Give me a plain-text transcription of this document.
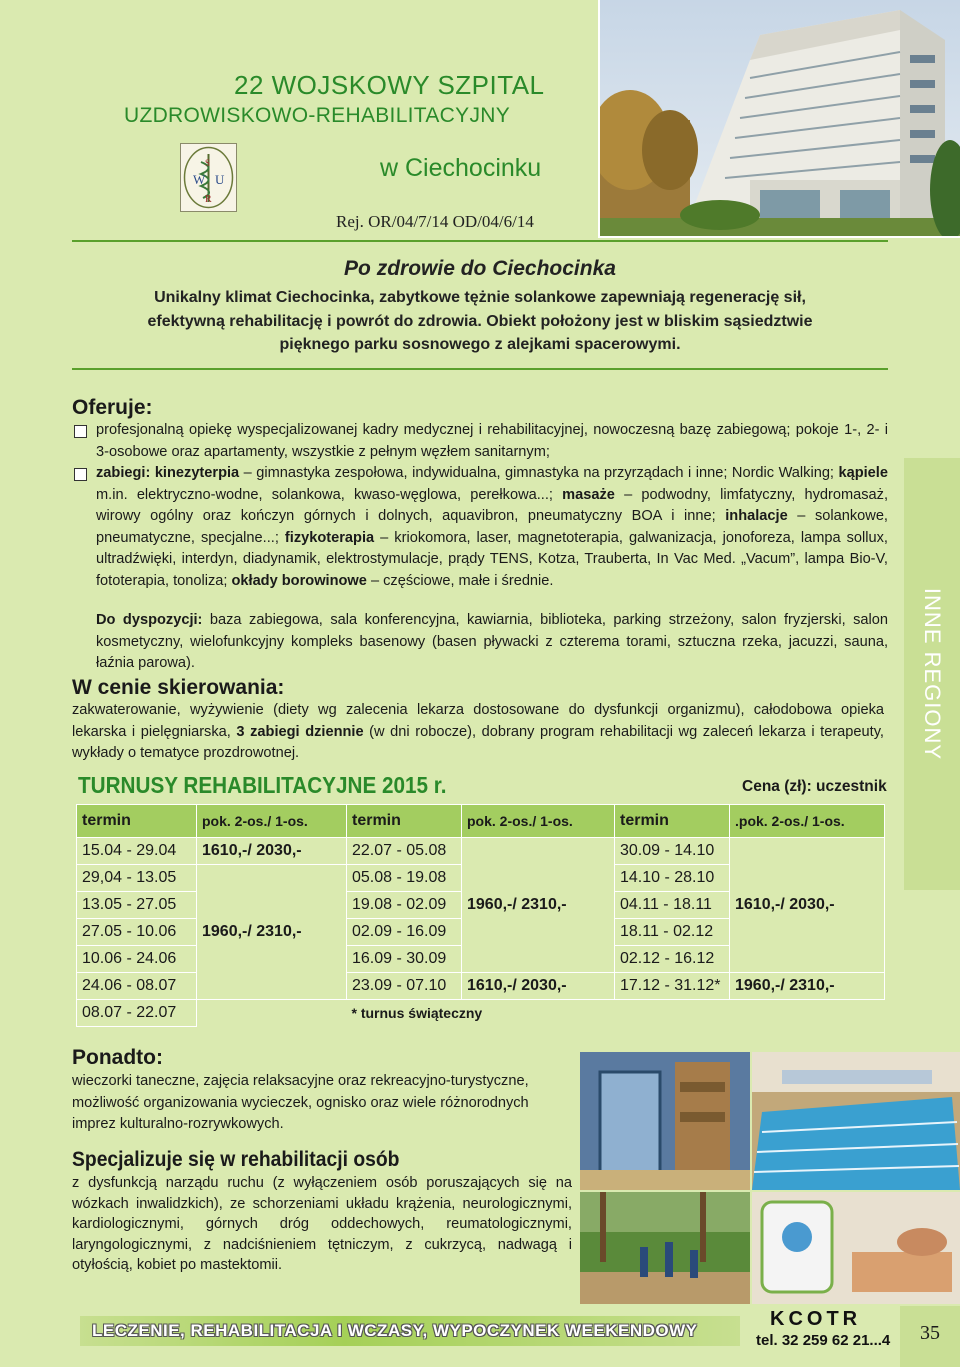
22 WOJSKOWY SZPITAL
UZDROWISKOWO-REHABILITACYJNY
W U
R
S	w Ciechocinku
Rej. OR/04/7/14 OD/04/6/14
Po zdrowie do Ciechocinka
Unikalny klimat Ciechocinka, zabytkowe tężnie solankowe zapewniają regenerację sił, efektywną rehabilitację i powrót do zdrowia. Obiekt położony jest w bliskim sąsiedztwie pięknego parku sosnowego z alejkami spacerowymi.
Oferuje:
profesjonalną opiekę wyspecjalizowanej kadry medycznej i rehabilitacyjnej, nowoczesną bazę zabiegową; pokoje 1-, 2- i 3-osobowe oraz apartamenty, wszystkie z pełnym węzłem sanitarnym;
zabiegi: kinezyterpia – gimnastyka zespołowa, indywidualna, gimnastyka na przyrządach i inne; Nordic Walking; kąpiele m.in. elektryczno-wodne, solankowa, kwaso-węglowa, perełkowa...; masaże – podwodny, limfatyczny, hydromasaż, wirowy ogólny oraz kończyn górnych i dolnych, aquavibron, pneumatyczny BOA i inne; inhalacje – solankowe, pneumatyczne, specjalne...; fizykoterapia – kriokomora, laser, magnetoterapia, galwanizacja, jonoforeza, lampa sollux, ultradźwięki, interdyn, diadynamik, elektrostymulacje, prądy TENS, Kotza, Trauberta, In Vac Med. „Vacum”, lampa Bio-V, fototerapia, tonoliza; okłady borowinowe – częściowe, małe i średnie.
Do dyspozycji: baza zabiegowa, sala konferencyjna, kawiarnia, biblioteka, parking strzeżony, salon fryzjerski, salon kosmetyczny, wielofunkcyjny kompleks basenowy (basen pływacki z czterema torami, sztuczna rzeka, jacuzzi, sauna, łaźnia parowa).
W cenie skierowania:
zakwaterowanie, wyżywienie (diety wg zalecenia lekarza dostosowane do dysfunkcji organizmu), całodobowa opieka lekarska i pielęgniarska, 3 zabiegi dziennie (w dni robocze), dobrany program rehabilitacji wg zaleceń lekarza i terapeuty, wykłady o tematyce prozdrowotnej.	INNE REGIONY
TURNUSY REHABILITACYJNE 2015 r.	Cena (zł): uczestnik
termin	pok. 2-os./ 1-os.	termin	pok. 2-os./ 1-os.	termin	.pok. 2-os./ 1-os.
15.04 - 29.04	1610,-/ 2030,-	22.07 - 05.08	1960,-/ 2310,-	30.09 - 14.10	1610,-/ 2030,-
29,04 - 13.05	1960,-/ 2310,-	05.08 - 19.08		14.10 - 28.10	
13.05 - 27.05		19.08 - 02.09		04.11 - 18.11	
27.05 - 10.06		02.09 - 16.09		18.11 - 02.12	
10.06 - 24.06		16.09 - 30.09		02.12 - 16.12	
24.06 - 08.07		23.09 - 07.10	1610,-/ 2030,-	17.12 - 31.12*	1960,-/ 2310,-
08.07 - 22.07		* turnus świąteczny			
Ponadto:
wieczorki taneczne, zajęcia relaksacyjne oraz rekreacyjno-turystyczne, możliwość organizowania wycieczek, ognisko oraz wiele różnorodnych imprez kulturalno-rozrywkowych.
Specjalizuje się w rehabilitacji osób
z dysfunkcją narządu ruchu (z wyłączeniem osób poruszających się na wózkach inwalidzkich), ze schorzeniami układu krążenia, neurologicznymi, kardiologicznymi, górnych dróg oddechowych, reumatologicznymi, laryngologicznymi, z nadciśnieniem tętniczym, z cukrzycą, nadwagą i otyłością, kobiet po mastektomii.
LECZENIE, REHABILITACJA I WCZASY, WYPOCZYNEK WEEKENDOWY
KCOTR
tel. 32 259 62 21...4	35
